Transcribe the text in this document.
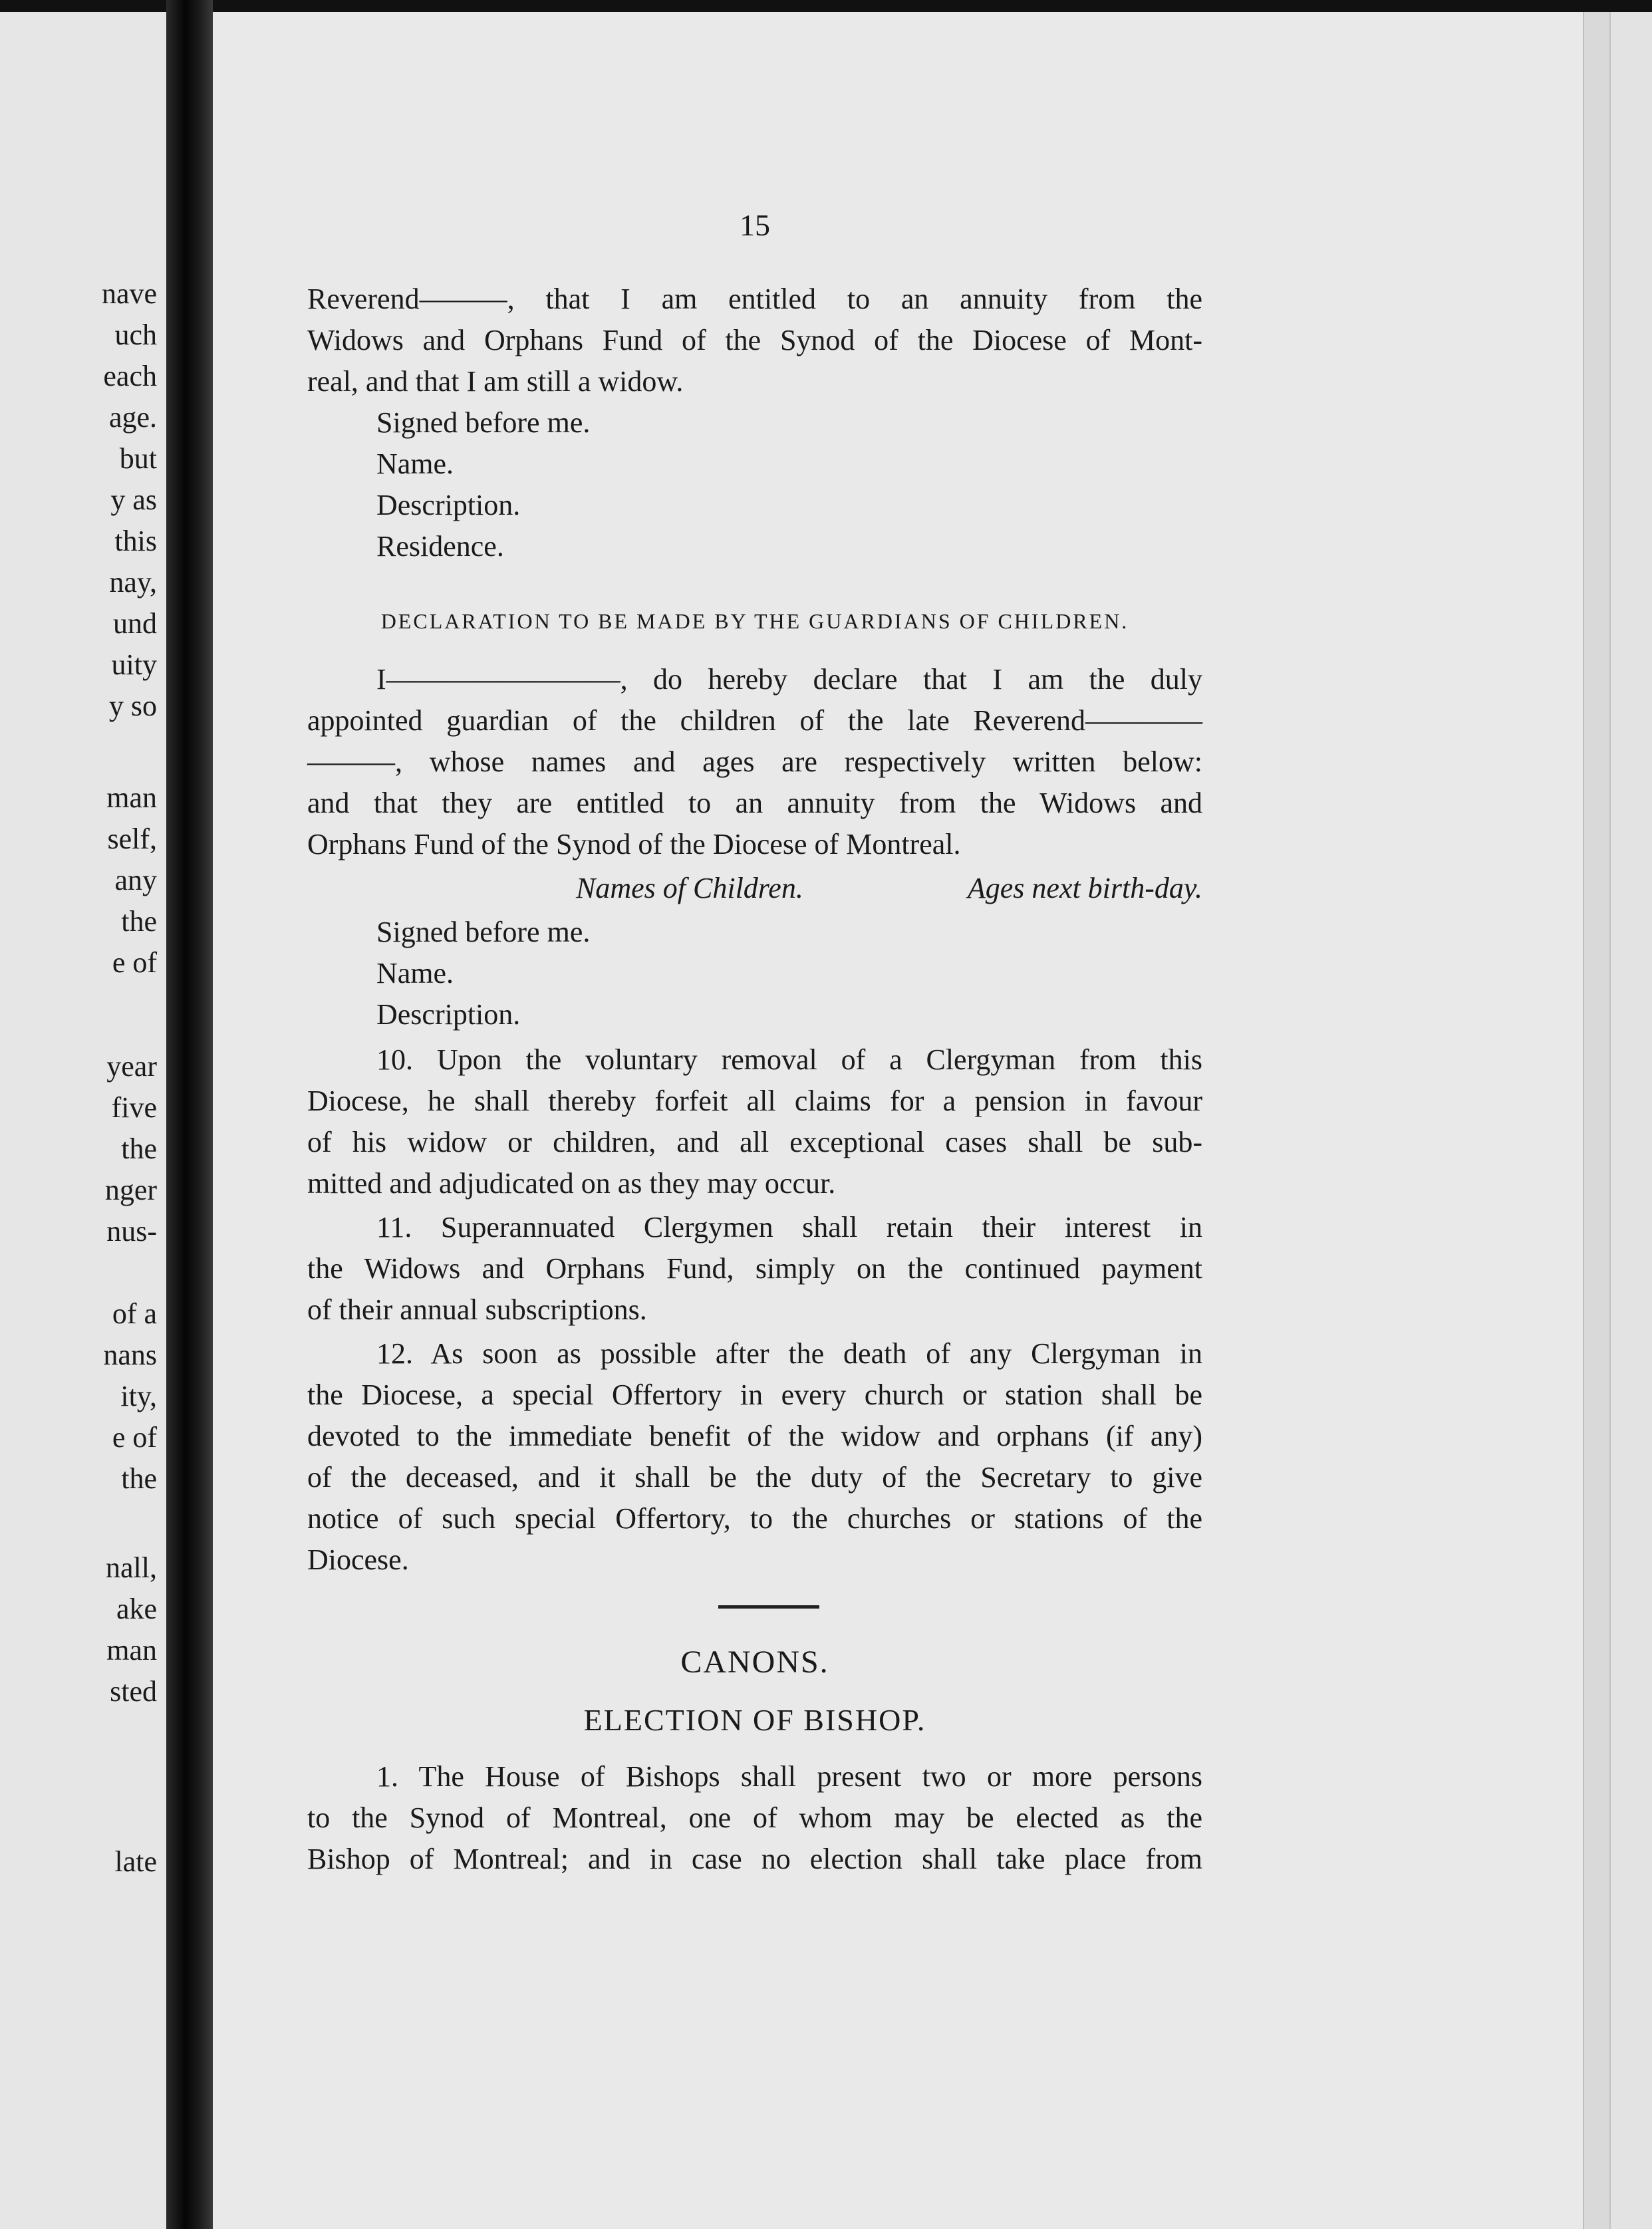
nave
uch
each
age.
but
y as
this
nay,
und
uity
y so
man
self,
any
the
e of
year
five
the
nger
nus-
of a
nans
ity,
e of
the
nall,
ake
man
sted
late
15
Reverend———, that I am entitled to an annuity from the
Widows and Orphans Fund of the Synod of the Diocese of Mont-
real, and that I am still a widow.
Signed before me.
Name.
Description.
Residence.
DECLARATION TO BE MADE BY THE GUARDIANS OF CHILDREN.
I————————, do hereby declare that I am the duly
appointed guardian of the children of the late Reverend————
———, whose names and ages are respectively written below:
and that they are entitled to an annuity from the Widows and
Orphans Fund of the Synod of the Diocese of Montreal.
Names of Children.	Ages next birth-day.
Signed before me.
Name.
Description.
10. Upon the voluntary removal of a Clergyman from this
Diocese, he shall thereby forfeit all claims for a pension in favour
of his widow or children, and all exceptional cases shall be sub-
mitted and adjudicated on as they may occur.
11. Superannuated Clergymen shall retain their interest in
the Widows and Orphans Fund, simply on the continued payment
of their annual subscriptions.
12. As soon as possible after the death of any Clergyman in
the Diocese, a special Offertory in every church or station shall be
devoted to the immediate benefit of the widow and orphans (if any)
of the deceased, and it shall be the duty of the Secretary to give
notice of such special Offertory, to the churches or stations of the
Diocese.
CANONS.
ELECTION OF BISHOP.
1. The House of Bishops shall present two or more persons
to the Synod of Montreal, one of whom may be elected as the
Bishop of Montreal; and in case no election shall take place from
